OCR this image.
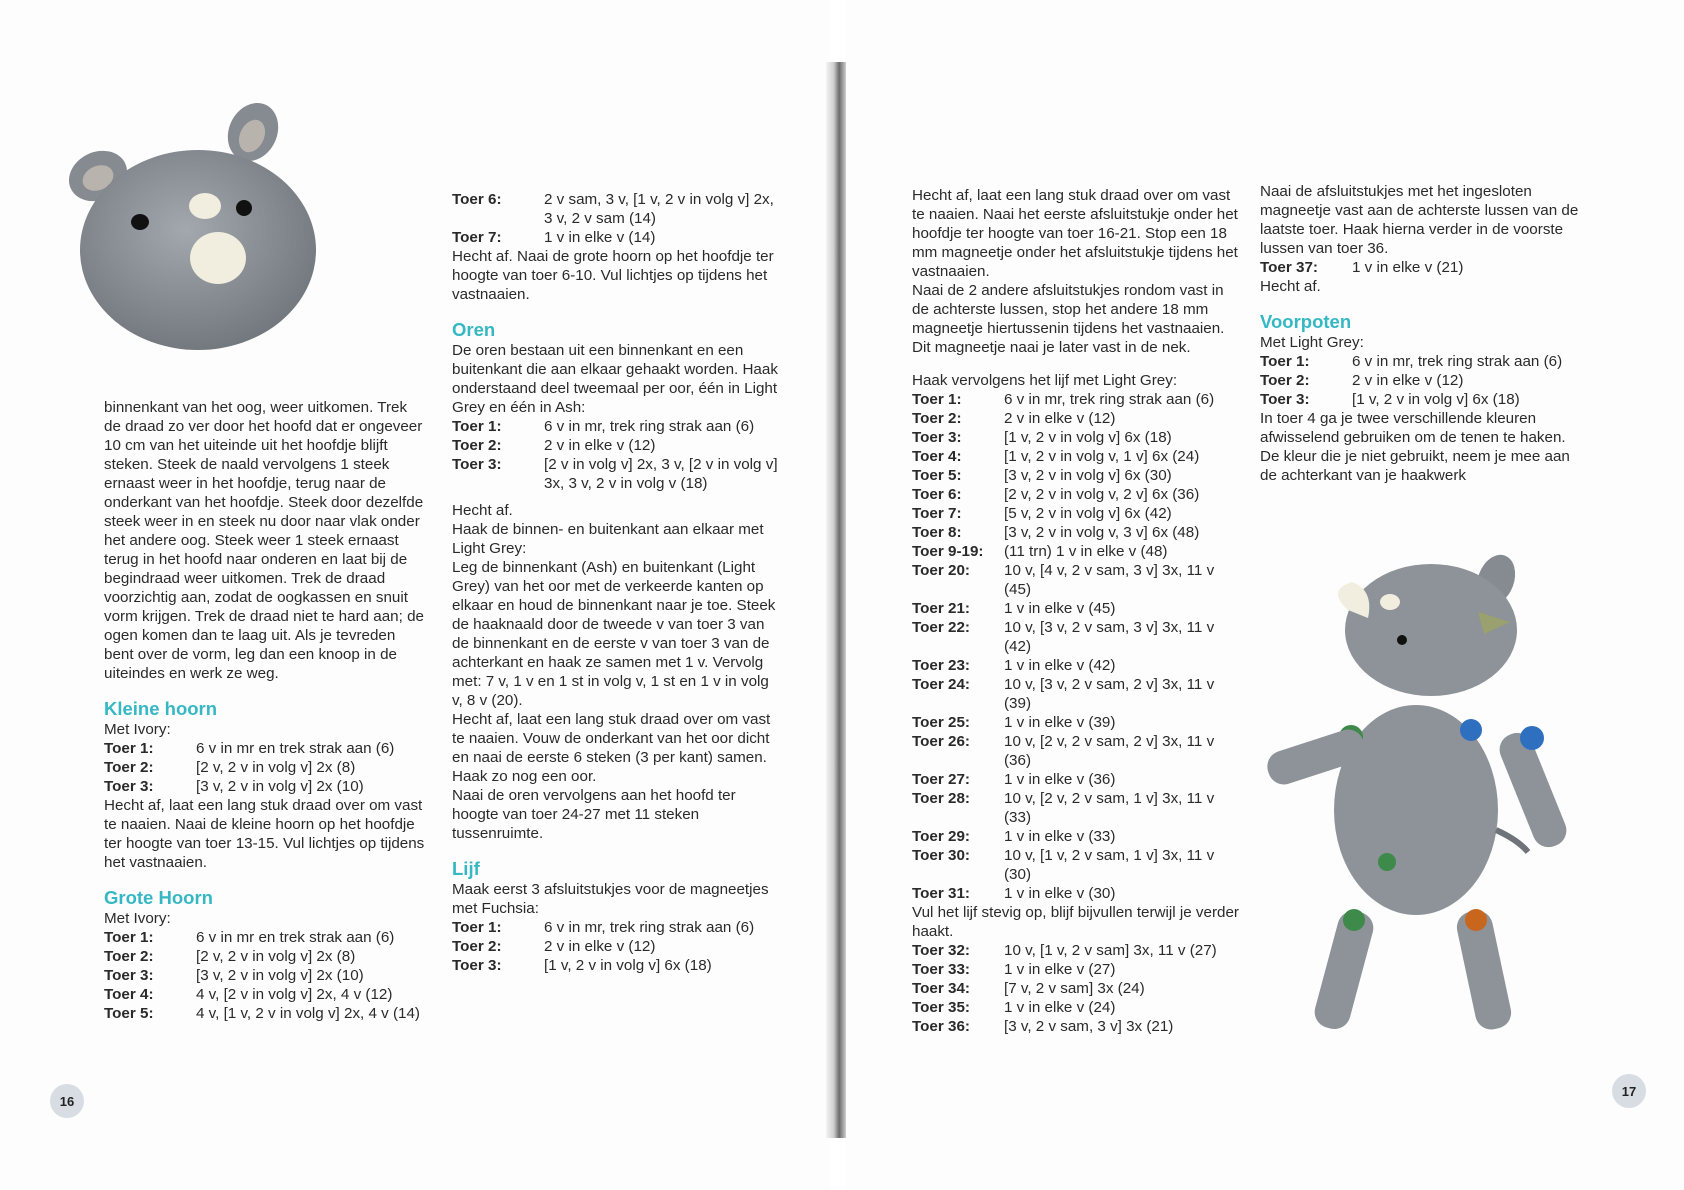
binnenkant van het oog, weer uitkomen. Trek de draad zo ver door het hoofd dat er ongeveer 10 cm van het uiteinde uit het hoofdje blijft steken. Steek de naald vervolgens 1 steek ernaast weer in het hoofdje, terug naar de onderkant van het hoofdje. Steek door dezelfde steek weer in en steek nu door naar vlak onder het andere oog. Steek weer 1 steek ernaast terug in het hoofd naar onderen en laat bij de begindraad weer uitkomen. Trek de draad voorzichtig aan, zodat de oogkassen en snuit vorm krijgen. Trek de draad niet te hard aan; de ogen komen dan te laag uit. Als je tevreden bent over de vorm, leg dan een knoop in de uiteindes en werk ze weg.

Kleine hoorn

Met Ivory:

Toer 1:	6 v in mr en trek strak aan (6)
Toer 2:	[2 v, 2 v in volg v] 2x (8)
Toer 3:	[3 v, 2 v in volg v] 2x (10)

Hecht af, laat een lang stuk draad over om vast te naaien. Naai de kleine hoorn op het hoofdje ter hoogte van toer 13-15. Vul lichtjes op tijdens het vastnaaien.

Grote Hoorn

Met Ivory:

Toer 1:	6 v in mr en trek strak aan (6)
Toer 2:	[2 v, 2 v in volg v] 2x (8)
Toer 3:	[3 v, 2 v in volg v] 2x (10)
Toer 4:	4 v, [2 v in volg v] 2x, 4 v (12)
Toer 5:	4 v, [1 v, 2 v in volg v] 2x, 4 v (14)
Toer 6:	2 v sam, 3 v, [1 v, 2 v in volg v] 2x, 3 v, 2 v sam (14)
Toer 7:	1 v in elke v (14)

Hecht af. Naai de grote hoorn op het hoofdje ter hoogte van toer 6-10. Vul lichtjes op tijdens het vastnaaien.

Oren

De oren bestaan uit een binnenkant en een buitenkant die aan elkaar gehaakt worden. Haak onderstaand deel tweemaal per oor, één in Light Grey en één in Ash:

Toer 1:	6 v in mr, trek ring strak aan (6)
Toer 2:	2 v in elke v (12)
Toer 3:	[2 v in volg v] 2x, 3 v, [2 v in volg v] 3x, 3 v, 2 v in volg v (18)

Hecht af.

Haak de binnen- en buitenkant aan elkaar met Light Grey:

Leg de binnenkant (Ash) en buitenkant (Light Grey) van het oor met de verkeerde kanten op elkaar en houd de binnenkant naar je toe. Steek de haaknaald door de tweede v van toer 3 van de binnenkant en de eerste v van toer 3 van de achterkant en haak ze samen met 1 v. Vervolg met: 7 v, 1 v en 1 st in volg v, 1 st en 1 v in volg v, 8 v (20).

Hecht af, laat een lang stuk draad over om vast te naaien. Vouw de onderkant van het oor dicht en naai de eerste 6 steken (3 per kant) samen.

Haak zo nog een oor.

Naai de oren vervolgens aan het hoofd ter hoogte van toer 24-27 met 11 steken tussenruimte.

Lijf

Maak eerst 3 afsluitstukjes voor de magneetjes met Fuchsia:

Toer 1:	6 v in mr, trek ring strak aan (6)
Toer 2:	2 v in elke v (12)
Toer 3:	[1 v, 2 v in volg v] 6x (18)
16

Hecht af, laat een lang stuk draad over om vast te naaien. Naai het eerste afsluitstukje onder het hoofdje ter hoogte van toer 16-21. Stop een 18 mm magneetje onder het afsluitstukje tijdens het vastnaaien.

Naai de 2 andere afsluitstukjes rondom vast in de achterste lussen, stop het andere 18 mm magneetje hiertussenin tijdens het vastnaaien. Dit magneetje naai je later vast in de nek.

Haak vervolgens het lijf met Light Grey:

Toer 1:	6 v in mr, trek ring strak aan (6)
Toer 2:	2 v in elke v (12)
Toer 3:	[1 v, 2 v in volg v] 6x (18)
Toer 4:	[1 v, 2 v in volg v, 1 v] 6x (24)
Toer 5:	[3 v, 2 v in volg v] 6x (30)
Toer 6:	[2 v, 2 v in volg v, 2 v] 6x (36)
Toer 7:	[5 v, 2 v in volg v] 6x (42)
Toer 8:	[3 v, 2 v in volg v, 3 v] 6x (48)
Toer 9-19:	(11 trn) 1 v in elke v (48)
Toer 20:	10 v, [4 v, 2 v sam, 3 v] 3x, 11 v (45)
Toer 21:	1 v in elke v (45)
Toer 22:	10 v, [3 v, 2 v sam, 3 v] 3x, 11 v (42)
Toer 23:	1 v in elke v (42)
Toer 24:	10 v, [3 v, 2 v sam, 2 v] 3x, 11 v (39)
Toer 25:	1 v in elke v (39)
Toer 26:	10 v, [2 v, 2 v sam, 2 v] 3x, 11 v (36)
Toer 27:	1 v in elke v (36)
Toer 28:	10 v, [2 v, 2 v sam, 1 v] 3x, 11 v (33)
Toer 29:	1 v in elke v (33)
Toer 30:	10 v, [1 v, 2 v sam, 1 v] 3x, 11 v (30)
Toer 31:	1 v in elke v (30)

Vul het lijf stevig op, blijf bijvullen terwijl je verder haakt.

Toer 32:	10 v, [1 v, 2 v sam] 3x, 11 v (27)
Toer 33:	1 v in elke v (27)
Toer 34:	[7 v, 2 v sam] 3x (24)
Toer 35:	1 v in elke v (24)
Toer 36:	[3 v, 2 v sam, 3 v] 3x (21)

Naai de afsluitstukjes met het ingesloten magneetje vast aan de achterste lussen van de laatste toer. Haak hierna verder in de voorste lussen van toer 36.

Toer 37:	1 v in elke v (21)

Hecht af.

Voorpoten

Met Light Grey:

Toer 1:	6 v in mr, trek ring strak aan (6)
Toer 2:	2 v in elke v (12)
Toer 3:	[1 v, 2 v in volg v] 6x (18)

In toer 4 ga je twee verschillende kleuren afwisselend gebruiken om de tenen te haken. De kleur die je niet gebruikt, neem je mee aan de achterkant van je haakwerk

17
